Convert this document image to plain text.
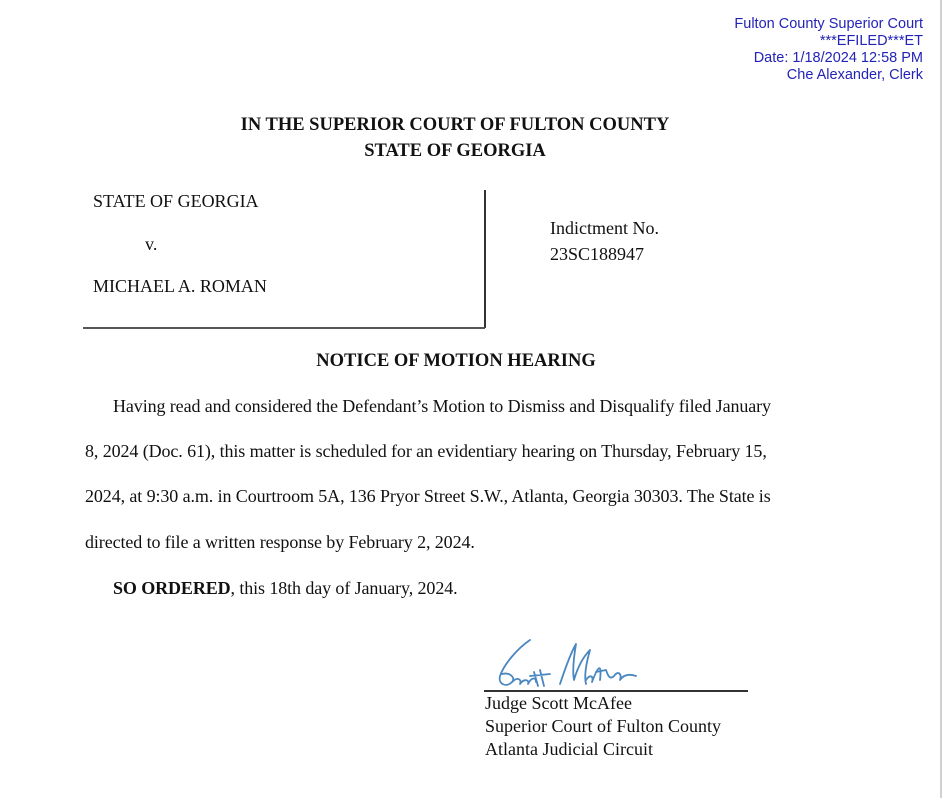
Fulton County Superior Court
***EFILED***ET
Date: 1/18/2024 12:58 PM
Che Alexander, Clerk
IN THE SUPERIOR COURT OF FULTON COUNTY
STATE OF GEORGIA
STATE OF GEORGIA
v.
MICHAEL A. ROMAN
Indictment No.
23SC188947
NOTICE OF MOTION HEARING
Having read and considered the Defendant’s Motion to Dismiss and Disqualify filed January
8, 2024 (Doc. 61), this matter is scheduled for an evidentiary hearing on Thursday, February 15,
2024, at 9:30 a.m. in Courtroom 5A, 136 Pryor Street S.W., Atlanta, Georgia 30303. The State is
directed to file a written response by February 2, 2024.
SO ORDERED, this 18th day of January, 2024.
Judge Scott McAfee
Superior Court of Fulton County
Atlanta Judicial Circuit
